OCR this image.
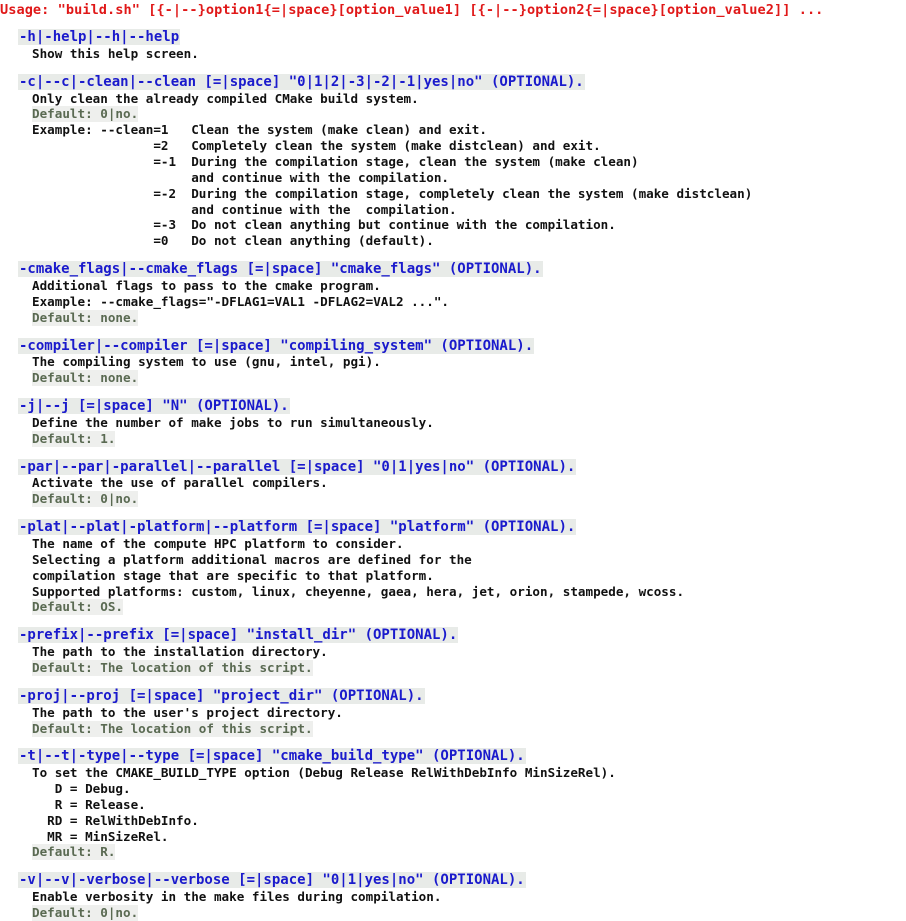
Usage: "build.sh" [{-|--}option1{=|space}[option_value1] [{-|--}option2{=|space}[option_value2]] ...
-h|-help|--h|--help
Show this help screen.
-c|--c|-clean|--clean [=|space] "0|1|2|-3|-2|-1|yes|no" (OPTIONAL).
Only clean the already compiled CMake build system.
Default: 0|no.
Example: --clean=1   Clean the system (make clean) and exit.
=2   Completely clean the system (make distclean) and exit.
=-1  During the compilation stage, clean the system (make clean)
and continue with the compilation.
=-2  During the compilation stage, completely clean the system (make distclean)
and continue with the  compilation.
=-3  Do not clean anything but continue with the compilation.
=0   Do not clean anything (default).
-cmake_flags|--cmake_flags [=|space] "cmake_flags" (OPTIONAL).
Additional flags to pass to the cmake program.
Example: --cmake_flags="-DFLAG1=VAL1 -DFLAG2=VAL2 ...".
Default: none.
-compiler|--compiler [=|space] "compiling_system" (OPTIONAL).
The compiling system to use (gnu, intel, pgi).
Default: none.
-j|--j [=|space] "N" (OPTIONAL).
Define the number of make jobs to run simultaneously.
Default: 1.
-par|--par|-parallel|--parallel [=|space] "0|1|yes|no" (OPTIONAL).
Activate the use of parallel compilers.
Default: 0|no.
-plat|--plat|-platform|--platform [=|space] "platform" (OPTIONAL).
The name of the compute HPC platform to consider.
Selecting a platform additional macros are defined for the
compilation stage that are specific to that platform.
Supported platforms: custom, linux, cheyenne, gaea, hera, jet, orion, stampede, wcoss.
Default: OS.
-prefix|--prefix [=|space] "install_dir" (OPTIONAL).
The path to the installation directory.
Default: The location of this script.
-proj|--proj [=|space] "project_dir" (OPTIONAL).
The path to the user's project directory.
Default: The location of this script.
-t|--t|-type|--type [=|space] "cmake_build_type" (OPTIONAL).
To set the CMAKE_BUILD_TYPE option (Debug Release RelWithDebInfo MinSizeRel).
D = Debug.
R = Release.
RD = RelWithDebInfo.
MR = MinSizeRel.
Default: R.
-v|--v|-verbose|--verbose [=|space] "0|1|yes|no" (OPTIONAL).
Enable verbosity in the make files during compilation.
Default: 0|no.
